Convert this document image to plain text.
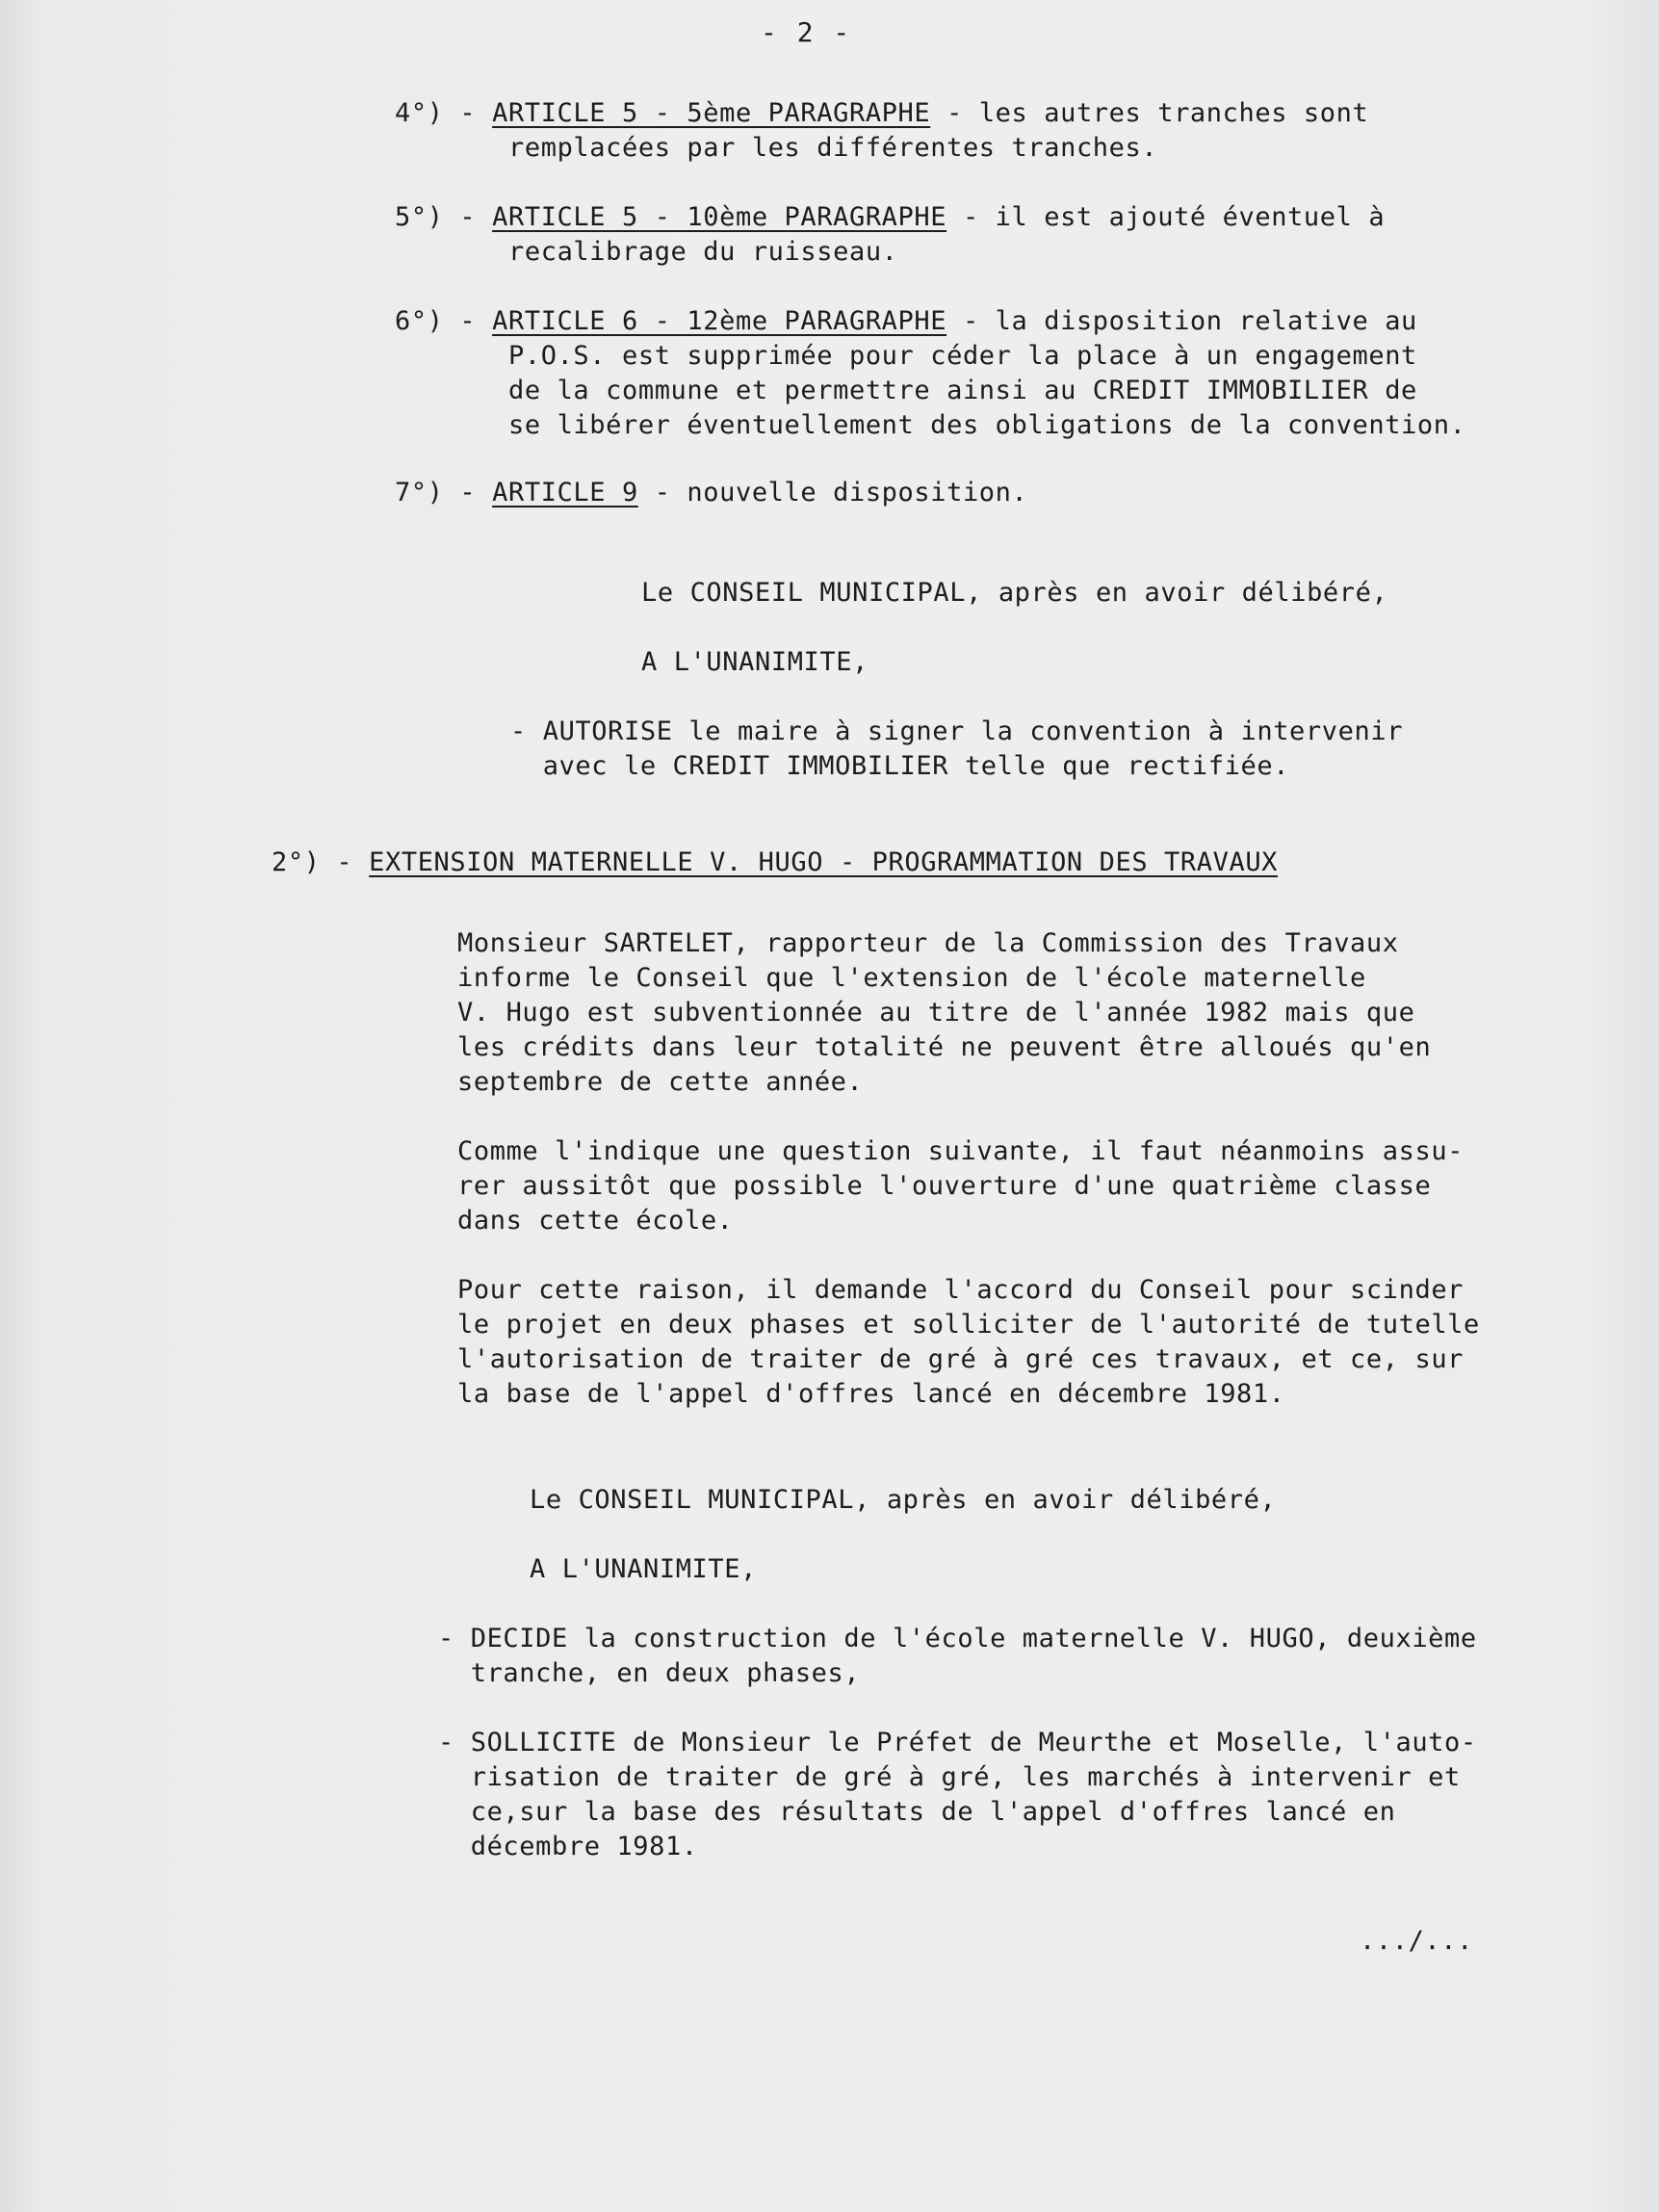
- 2 -
4°) - ARTICLE 5 - 5ème PARAGRAPHE - les autres tranches sont
remplacées par les différentes tranches.
5°) - ARTICLE 5 - 10ème PARAGRAPHE - il est ajouté éventuel à
recalibrage du ruisseau.
6°) - ARTICLE 6 - 12ème PARAGRAPHE - la disposition relative au
P.O.S. est supprimée pour céder la place à un engagement
de la commune et permettre ainsi au CREDIT IMMOBILIER de
se libérer éventuellement des obligations de la convention.
7°) - ARTICLE 9 - nouvelle disposition.
Le CONSEIL MUNICIPAL, après en avoir délibéré,
A L'UNANIMITE,
- AUTORISE le maire à signer la convention à intervenir
avec le CREDIT IMMOBILIER telle que rectifiée.
2°) - EXTENSION MATERNELLE V. HUGO - PROGRAMMATION DES TRAVAUX
Monsieur SARTELET, rapporteur de la Commission des Travaux
informe le Conseil que l'extension de l'école maternelle
V. Hugo est subventionnée au titre de l'année 1982 mais que
les crédits dans leur totalité ne peuvent être alloués qu'en
septembre de cette année.
Comme l'indique une question suivante, il faut néanmoins assu-
rer aussitôt que possible l'ouverture d'une quatrième classe
dans cette école.
Pour cette raison, il demande l'accord du Conseil pour scinder
le projet en deux phases et solliciter de l'autorité de tutelle
l'autorisation de traiter de gré à gré ces travaux, et ce, sur
la base de l'appel d'offres lancé en décembre 1981.
Le CONSEIL MUNICIPAL, après en avoir délibéré,
A L'UNANIMITE,
- DECIDE la construction de l'école maternelle V. HUGO, deuxième
tranche, en deux phases,
- SOLLICITE de Monsieur le Préfet de Meurthe et Moselle, l'auto-
risation de traiter de gré à gré, les marchés à intervenir et
ce,sur la base des résultats de l'appel d'offres lancé en
décembre 1981.
.../...
